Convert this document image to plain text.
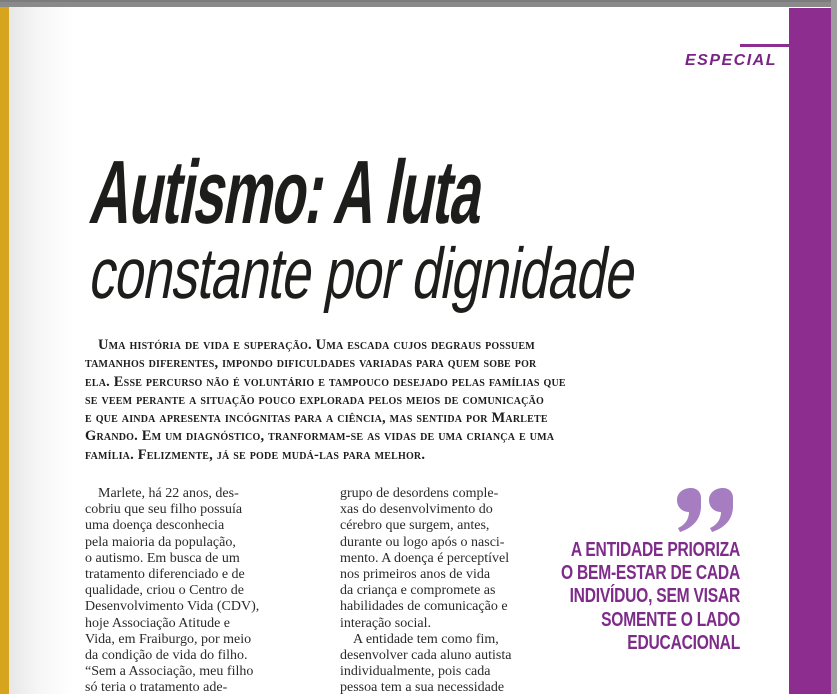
ESPECIAL
Autismo: A luta
constante por dignidade
Uma história de vida e superação. Uma escada cujos degraus possuem
tamanhos diferentes, impondo dificuldades variadas para quem sobe por
ela. Esse percurso não é voluntário e tampouco desejado pelas famílias que
se veem perante a situação pouco explorada pelos meios de comunicação
e que ainda apresenta incógnitas para a ciência, mas sentida por Marlete
Grando. Em um diagnóstico, tranformam-se as vidas de uma criança e uma
família. Felizmente, já se pode mudá-las para melhor.
Marlete, há 22 anos, des-
cobriu que seu filho possuía
uma doença desconhecia
pela maioria da população,
o autismo. Em busca de um
tratamento diferenciado e de
qualidade, criou o Centro de
Desenvolvimento Vida (CDV),
hoje Associação Atitude e
Vida, em Fraiburgo, por meio
da condição de vida do filho.
“Sem a Associação, meu filho
só teria o tratamento ade-
grupo de desordens comple-
xas do desenvolvimento do
cérebro que surgem, antes,
durante ou logo após o nasci-
mento. A doença é perceptível
nos primeiros anos de vida
da criança e compromete as
habilidades de comunicação e
interação social.
A entidade tem como fim,
desenvolver cada aluno autista
individualmente, pois cada
pessoa tem a sua necessidade
A ENTIDADE PRIORIZA
O BEM-ESTAR DE CADA
INDIVÍDUO, SEM VISAR
SOMENTE O LADO
EDUCACIONAL
